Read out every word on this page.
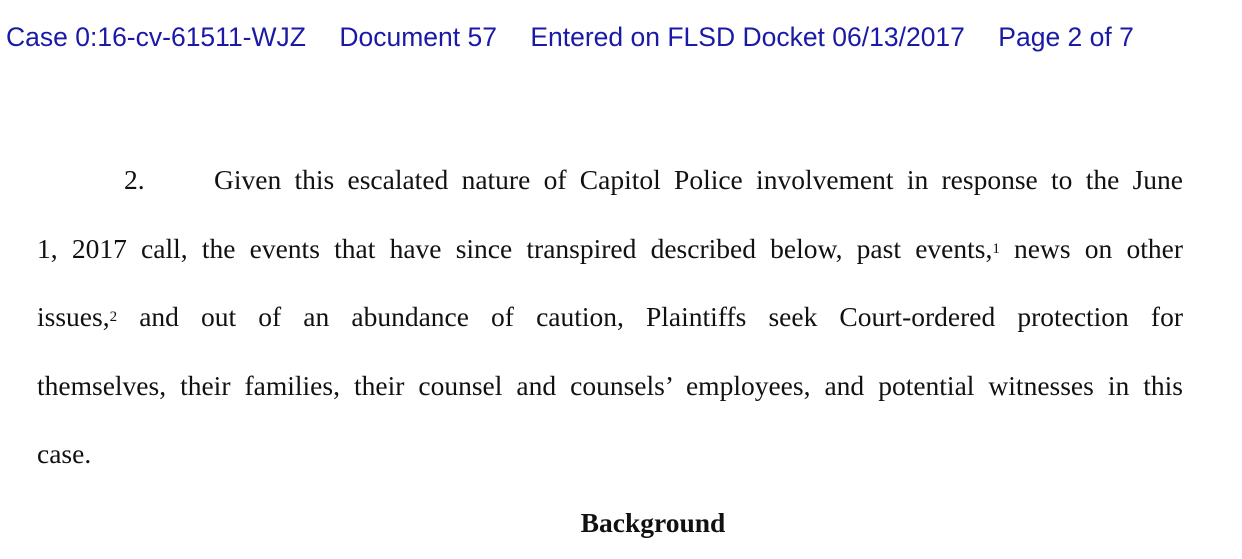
Case 0:16-cv-61511-WJZ Document 57 Entered on FLSD Docket 06/13/2017 Page 2 of 7
2.	Given this escalated nature of Capitol Police involvement in response to the June
1, 2017 call, the events that have since transpired described below, past events,$^1$ news on other
issues,$^2$ and out of an abundance of caution, Plaintiffs seek Court-ordered protection for
themselves, their families, their counsel and counsels’ employees, and potential witnesses in this
case.
Background
